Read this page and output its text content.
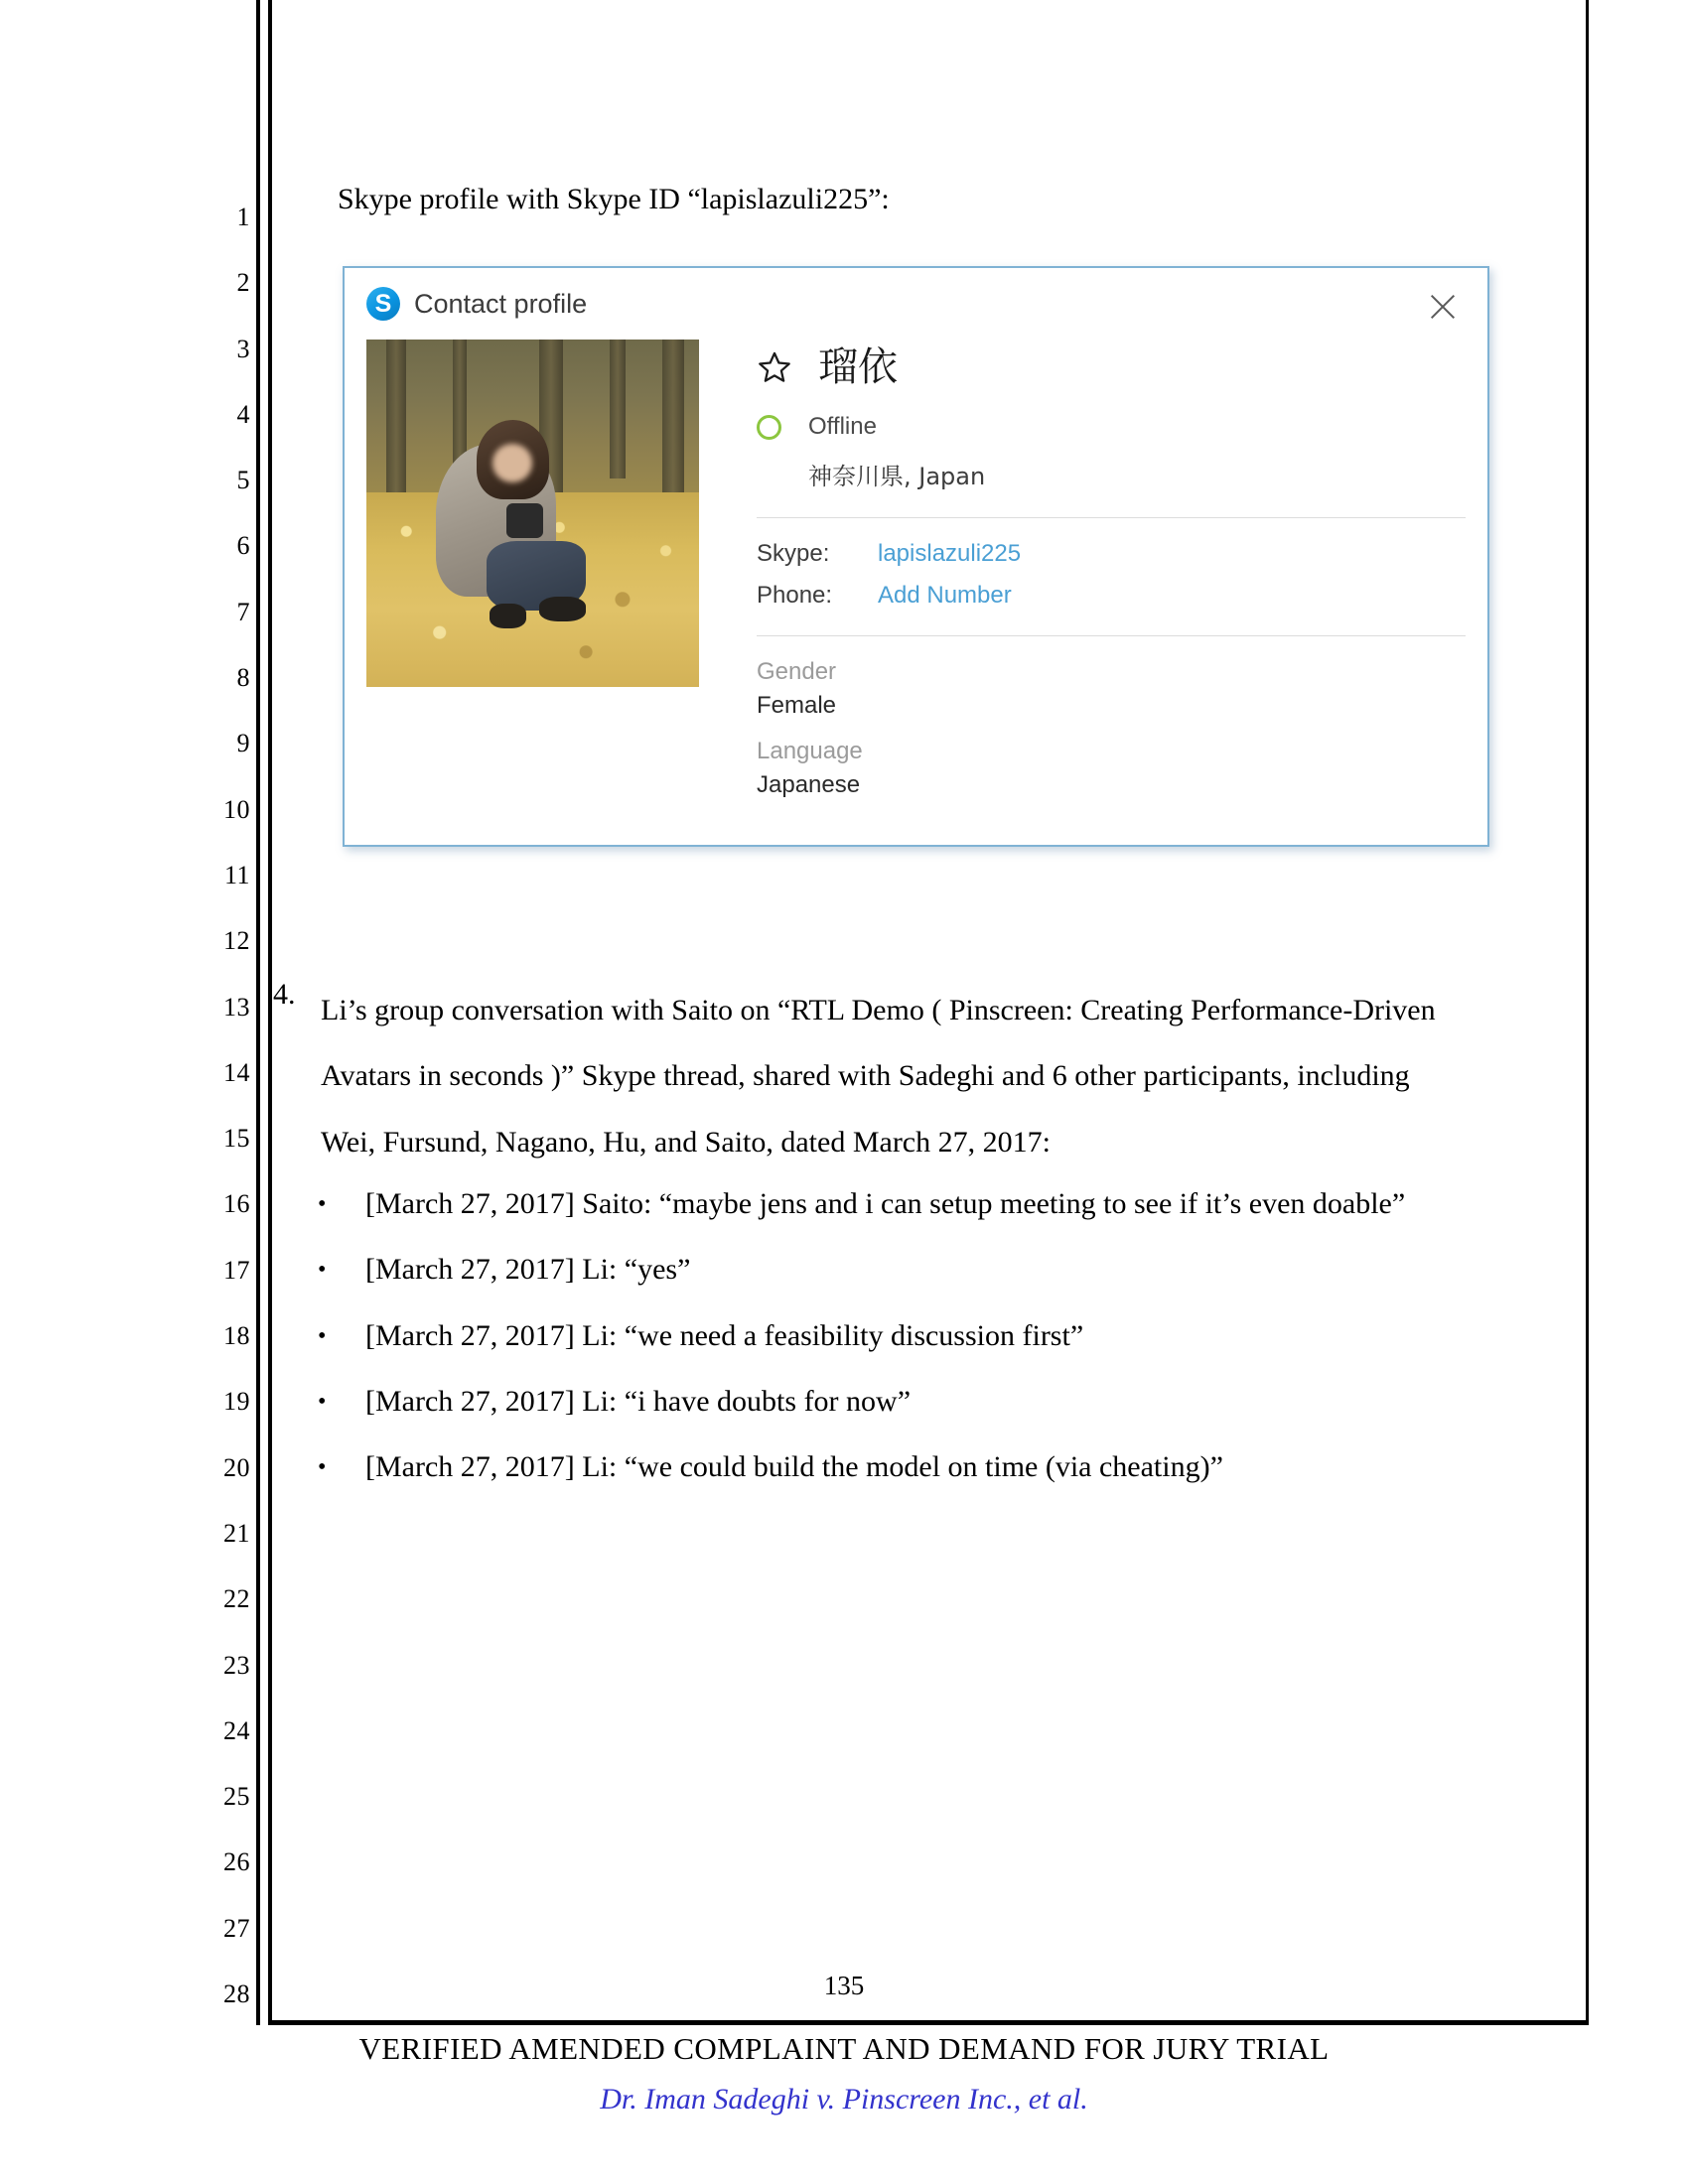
1
2
3
4
5
6
7
8
9
10
11
12
13
14
15
16
17
18
19
20
21
22
23
24
25
26
27
28
Skype profile with Skype ID “lapislazuli225”:
S Contact profile
瑠依
Offline
神奈川県, Japan
Skype:	lapislazuli225
Phone:	Add Number
Gender
Female
Language
Japanese
4. Li’s group conversation with Saito on “RTL Demo ( Pinscreen: Creating Performance-Driven
Avatars in seconds )” Skype thread, shared with Sadeghi and 6 other participants, including
Wei, Fursund, Nagano, Hu, and Saito, dated March 27, 2017:
•	[March 27, 2017] Saito: “maybe jens and i can setup meeting to see if it’s even doable”
•	[March 27, 2017] Li: “yes”
•	[March 27, 2017] Li: “we need a feasibility discussion first”
•	[March 27, 2017] Li: “i have doubts for now”
•	[March 27, 2017] Li: “we could build the model on time (via cheating)”
135
VERIFIED AMENDED COMPLAINT AND DEMAND FOR JURY TRIAL
Dr. Iman Sadeghi v. Pinscreen Inc., et al.
